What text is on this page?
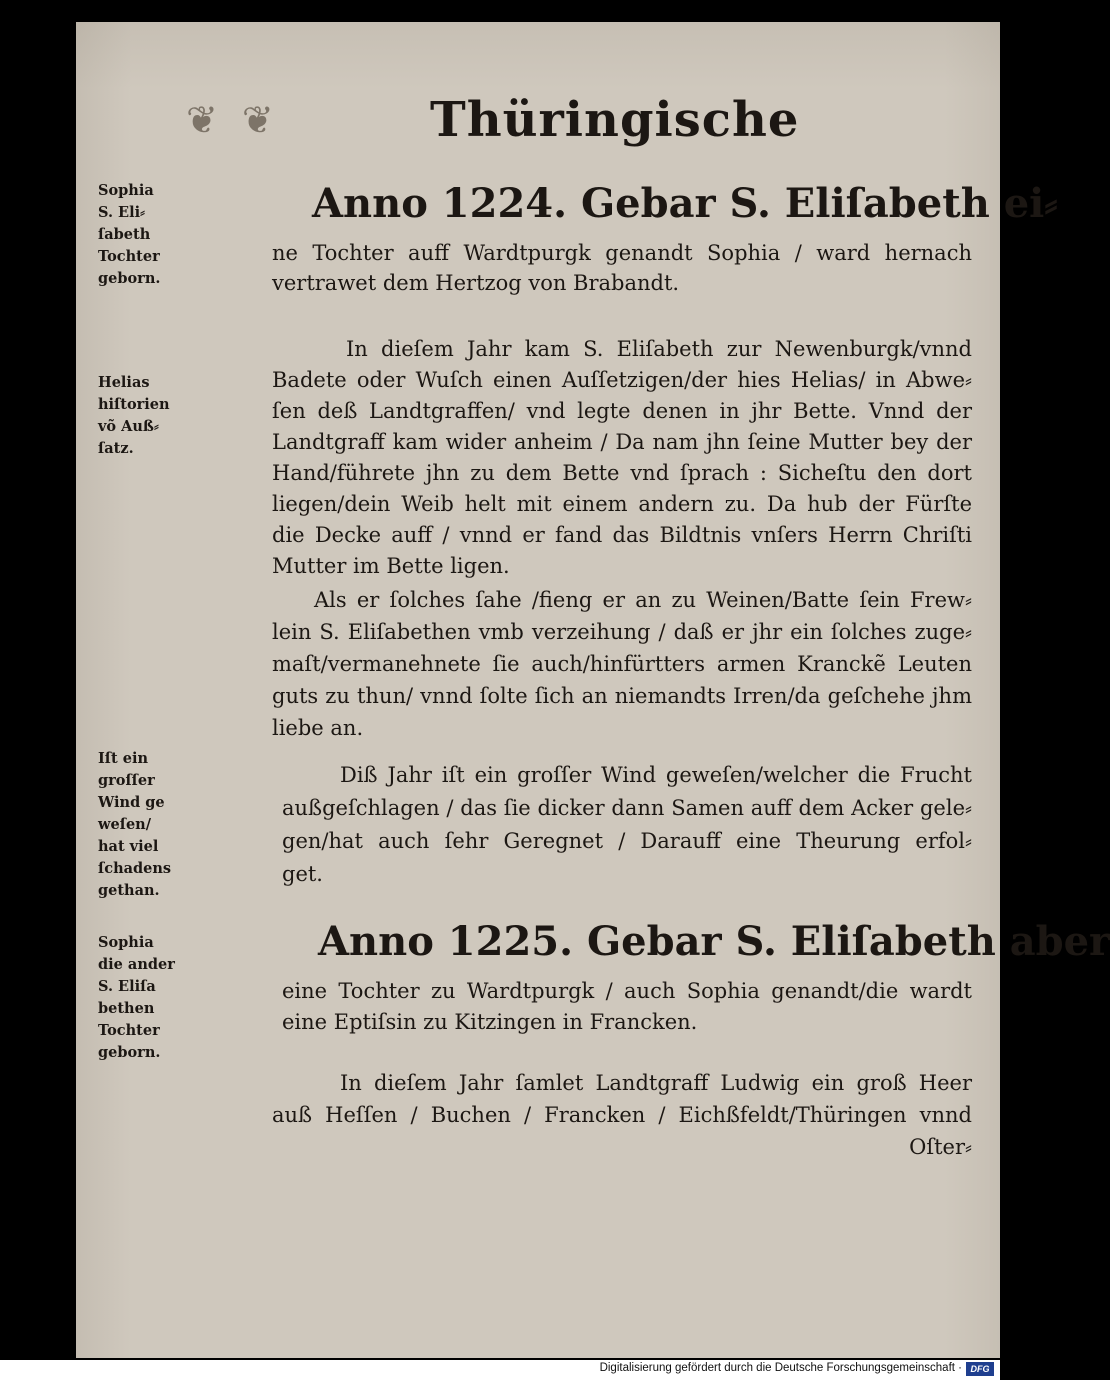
❦ ❦	Thüringische
Sophia
S. Eli⸗
ſabeth
Tochter
geborn.
Anno 1224. Gebar S. Eliſabeth ei⸗
ne Tochter auff Wardtpurgk genandt Sophia / ward hernach
vertrawet dem Hertzog von Brabandt.
Helias
hiſtorien
võ Auß⸗
ſatz.
In dieſem Jahr kam S. Eliſabeth zur Newenburgk/vnnd
Badete oder Wuſch einen Auſſetzigen/der hies Helias/ in Abwe⸗
ſen deß Landtgraffen/ vnd legte denen in jhr Bette. Vnnd der
Landtgraff kam wider anheim / Da nam jhn ſeine Mutter bey der
Hand/führete jhn zu dem Bette vnd ſprach : Sicheſtu den dort
liegen/dein Weib helt mit einem andern zu. Da hub der Fürſte
die Decke auff / vnnd er fand das Bildtnis vnſers Herrn Chriſti
Mutter im Bette ligen.
Als er ſolches ſahe /fieng er an zu Weinen/Batte ſein Frew⸗
lein S. Eliſabethen vmb verzeihung / daß er jhr ein ſolches zuge⸗
maſt/vermanehnete ſie auch/hinfürtters armen Kranckẽ Leuten
guts zu thun/ vnnd ſolte ſich an niemandts Irren/da geſchehe jhm
liebe an.
Iſt ein
groſſer
Wind ge
weſen/
hat viel
ſchadens
gethan.
Diß Jahr iſt ein groſſer Wind geweſen/welcher die Frucht
außgeſchlagen / das ſie dicker dann Samen auff dem Acker gele⸗
gen/hat auch ſehr Geregnet / Darauff eine Theurung erfol⸗
get.
Sophia
die ander
S. Eliſa
bethen
Tochter
geborn.
Anno 1225. Gebar S. Eliſabeth aber
eine Tochter zu Wardtpurgk / auch Sophia genandt/die wardt
eine Eptiſsin zu Kitzingen in Francken.
In dieſem Jahr ſamlet Landtgraff Ludwig ein groß Heer
auß Heſſen / Buchen / Francken / Eichßfeldt/Thüringen vnnd
Oſter⸗
Digitalisierung gefördert durch die Deutsche Forschungsgemeinschaft · DFG
